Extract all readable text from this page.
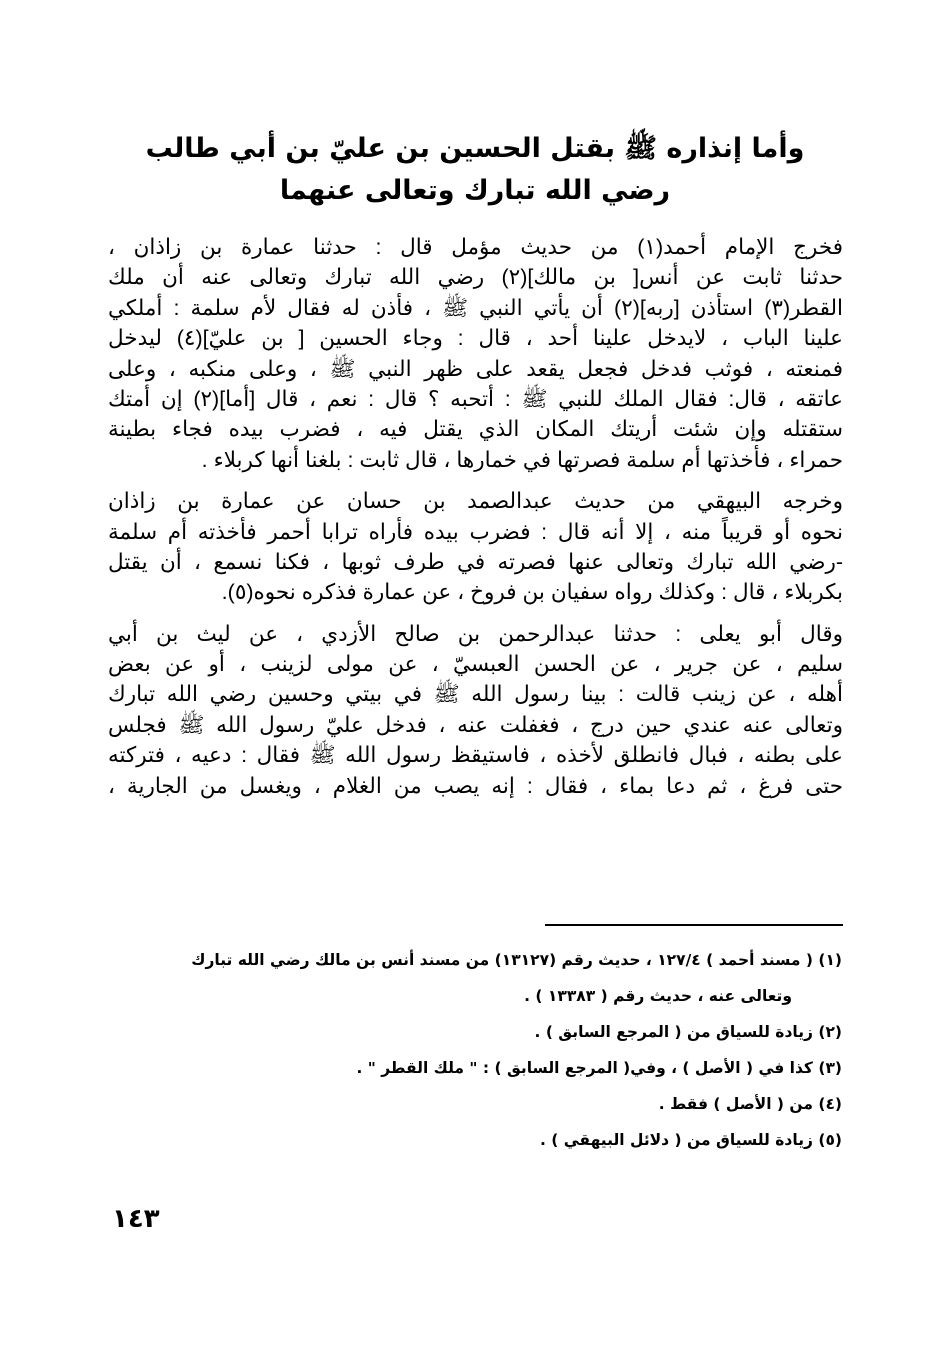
وأما إنذاره ﷺ بقتل الحسين بن عليّ بن أبي طالب
رضي الله تبارك وتعالى عنهما
فخرج الإمام أحمد(١) من حديث مؤمل قال : حدثنا عمارة بن زاذان ،
حدثنا ثابت عن أنس[ بن مالك](٢) رضي الله تبارك وتعالى عنه أن ملك
القطر(٣) استأذن [ربه](٢) أن يأتي النبي ﷺ ، فأذن له فقال لأم سلمة : أملكي
علينا الباب ، لايدخل علينا أحد ، قال : وجاء الحسين [ بن عليّ](٤) ليدخل
فمنعته ، فوثب فدخل فجعل يقعد على ظهر النبي ﷺ ، وعلى منكبه ، وعلى
عاتقه ، قال: فقال الملك للنبي ﷺ : أتحبه ؟ قال : نعم ، قال [أما](٢) إن أمتك
ستقتله وإن شئت أريتك المكان الذي يقتل فيه ، فضرب بيده فجاء بطينة
حمراء ، فأخذتها أم سلمة فصرتها في خمارها ، قال ثابت : بلغنا أنها كربلاء .
وخرجه البيهقي من حديث عبدالصمد بن حسان عن عمارة بن زاذان
نحوه أو قريباً منه ، إلا أنه قال : فضرب بيده فأراه ترابا أحمر فأخذته أم سلمة
-رضي الله تبارك وتعالى عنها فصرته في طرف ثوبها ، فكنا نسمع ، أن يقتل
بكربلاء ، قال : وكذلك رواه سفيان بن فروخ ، عن عمارة فذكره نحوه(٥).
وقال أبو يعلى : حدثنا عبدالرحمن بن صالح الأزدي ، عن ليث بن أبي
سليم ، عن جرير ، عن الحسن العبسيّ ، عن مولى لزينب ، أو عن بعض
أهله ، عن زينب قالت : بينا رسول الله ﷺ في بيتي وحسين رضي الله تبارك
وتعالى عنه عندي حين درج ، فغفلت عنه ، فدخل عليّ رسول الله ﷺ فجلس
على بطنه ، فبال فانطلق لأخذه ، فاستيقظ رسول الله ﷺ فقال : دعيه ، فتركته
حتى فرغ ، ثم دعا بماء ، فقال : إنه يصب من الغلام ، ويغسل من الجارية ،
(١) ( مسند أحمد ) ١٢٧/٤ ، حديث رقم (١٣١٢٧) من مسند أنس بن مالك رضي الله تبارك
وتعالى عنه ، حديث رقم ( ١٣٣٨٣ ) .
(٢) زيادة للسياق من ( المرجع السابق ) .
(٣) كذا في ( الأصل ) ، وفي( المرجع السابق ) : " ملك القطر " .
(٤) من ( الأصل ) فقط .
(٥) زيادة للسياق من ( دلائل البيهقي ) .
١٤٣
